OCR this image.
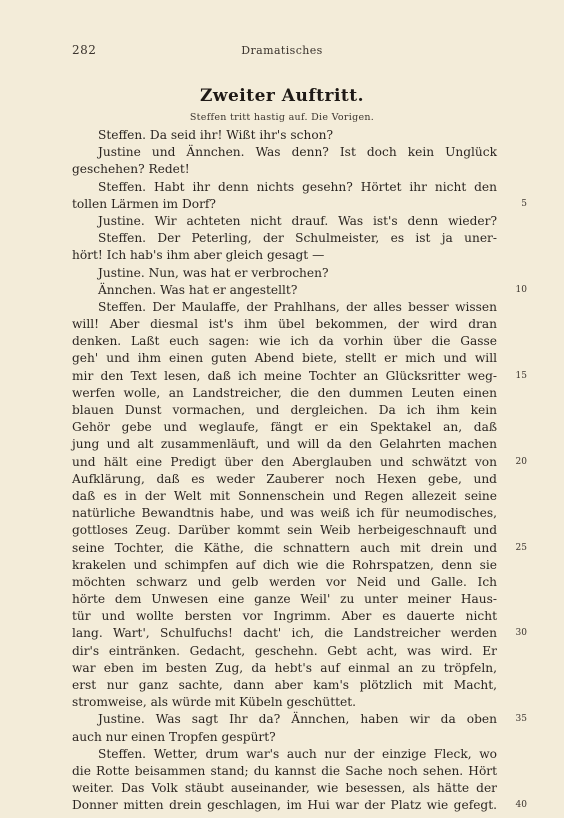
282	Dramatisches
Zweiter Auftritt.
Steffen tritt hastig auf. Die Vorigen.
Steffen. Da seid ihr! Wißt ihr's schon?
Justine und Ännchen. Was denn? Ist doch kein Unglück
geschehen? Redet!
Steffen. Habt ihr denn nichts gesehn? Hörtet ihr nicht den
tollen Lärmen im Dorf?	5
Justine. Wir achteten nicht drauf. Was ist's denn wieder?
Steffen. Der Peterling, der Schulmeister, es ist ja uner-
hört! Ich hab's ihm aber gleich gesagt —
Justine. Nun, was hat er verbrochen?
Ännchen. Was hat er angestellt?	10
Steffen. Der Maulaffe, der Prahlhans, der alles besser wissen
will! Aber diesmal ist's ihm übel bekommen, der wird dran
denken. Laßt euch sagen: wie ich da vorhin über die Gasse
geh' und ihm einen guten Abend biete, stellt er mich und will
mir den Text lesen, daß ich meine Tochter an Glücksritter weg- 15
werfen wolle, an Landstreicher, die den dummen Leuten einen
blauen Dunst vormachen, und dergleichen. Da ich ihm kein
Gehör gebe und weglaufe, fängt er ein Spektakel an, daß
jung und alt zusammenläuft, und will da den Gelahrten machen
und hält eine Predigt über den Aberglauben und schwätzt von 20
Aufklärung, daß es weder Zauberer noch Hexen gebe, und
daß es in der Welt mit Sonnenschein und Regen allezeit seine
natürliche Bewandtnis habe, und was weiß ich für neumodisches,
gottloses Zeug. Darüber kommt sein Weib herbeigeschnauft und
seine Tochter, die Käthe, die schnattern auch mit drein und 25
krakelen und schimpfen auf dich wie die Rohrspatzen, denn sie
möchten schwarz und gelb werden vor Neid und Galle. Ich
hörte dem Unwesen eine ganze Weil' zu unter meiner Haus-
tür und wollte bersten vor Ingrimm. Aber es dauerte nicht
lang. Wart', Schulfuchs! dacht' ich, die Landstreicher werden 30
dir's eintränken. Gedacht, geschehn. Gebt acht, was wird. Er
war eben im besten Zug, da hebt's auf einmal an zu tröpfeln,
erst nur ganz sachte, dann aber kam's plötzlich mit Macht,
stromweise, als würde mit Kübeln geschüttet.
Justine. Was sagt Ihr da? Ännchen, haben wir da oben 35
auch nur einen Tropfen gespürt?
Steffen. Wetter, drum war's auch nur der einzige Fleck, wo
die Rotte beisammen stand; du kannst die Sache noch sehen. Hört
weiter. Das Volk stäubt auseinander, wie besessen, als hätte der
Donner mitten drein geschlagen, im Hui war der Platz wie gefegt. 40
